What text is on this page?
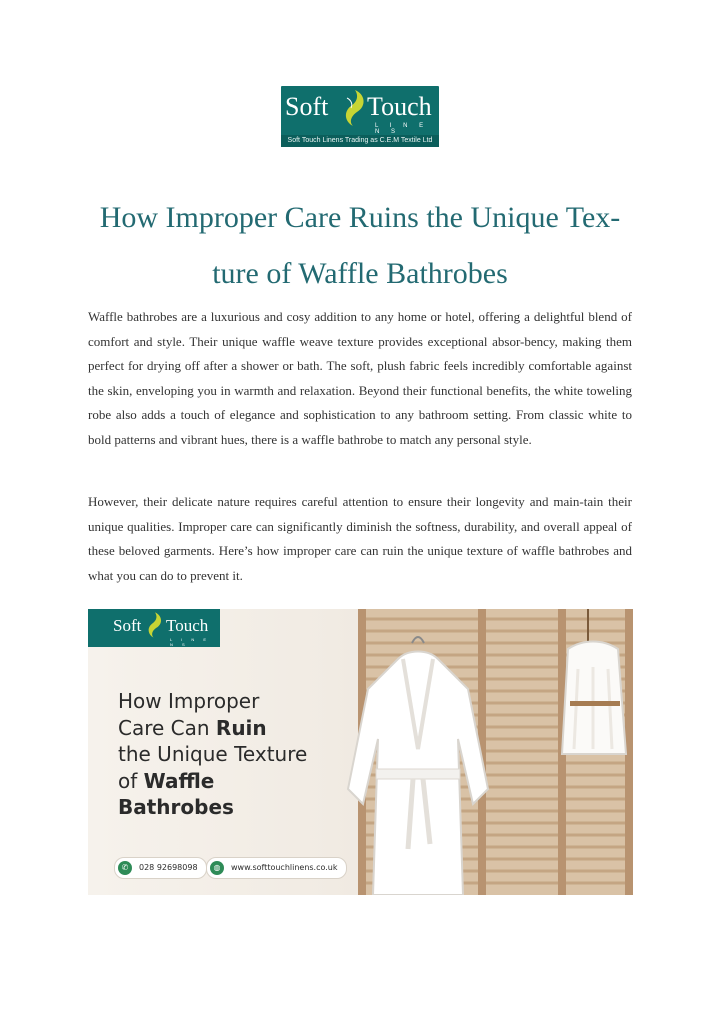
Soft Touch
L I N E N S
Soft Touch Linens Trading as C.E.M Textile Ltd
How Improper Care Ruins the Unique Tex-ture of Waffle Bathrobes

Waffle bathrobes are a luxurious and cosy addition to any home or hotel, offering a delightful blend of comfort and style. Their unique waffle weave texture provides exceptional absor-bency, making them perfect for drying off after a shower or bath. The soft, plush fabric feels incredibly comfortable against the skin, enveloping you in warmth and relaxation. Beyond their functional benefits, the white toweling robe also adds a touch of elegance and sophistication to any bathroom setting. From classic white to bold patterns and vibrant hues, there is a waffle bathrobe to match any personal style.

However, their delicate nature requires careful attention to ensure their longevity and main-tain their unique qualities. Improper care can significantly diminish the softness, durability, and overall appeal of these beloved garments. Here’s how improper care can ruin the unique texture of waffle bathrobes and what you can do to prevent it.

Soft Touch
L I N E N S
How Improper
Care Can Ruin
the Unique Texture
of Waffle
Bathrobes
✆	028 92698098	◍	www.softtouchlinens.co.uk
